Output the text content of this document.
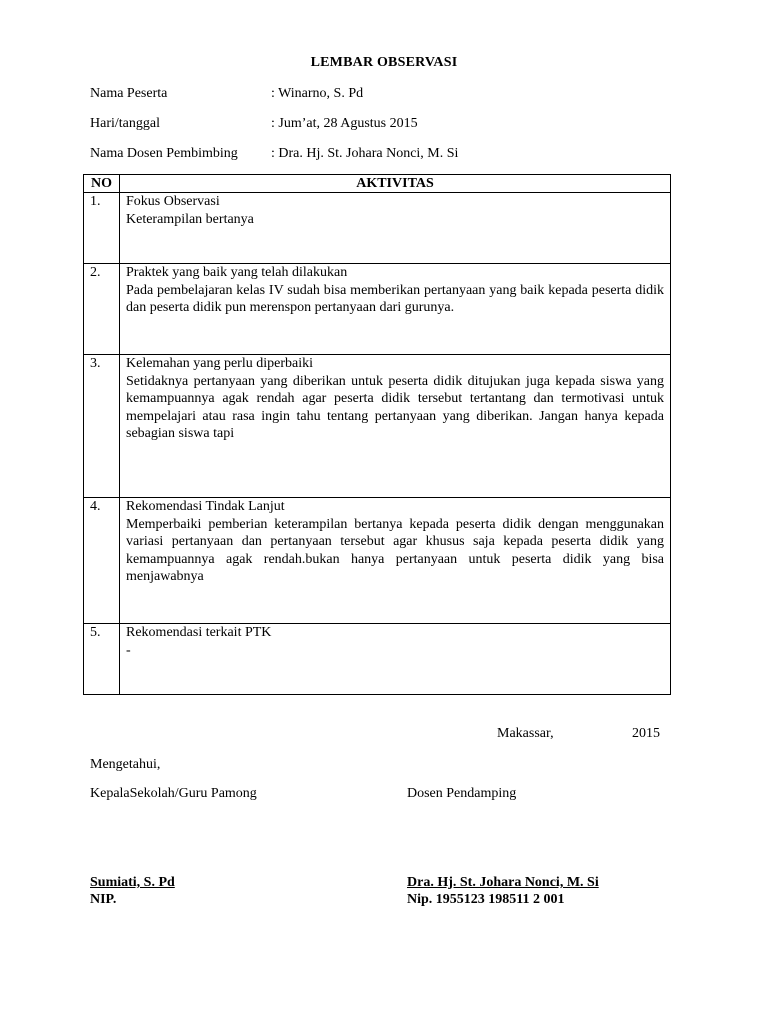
LEMBAR OBSERVASI
Nama Peserta	: Winarno, S. Pd
Hari/tanggal	: Jum’at, 28 Agustus 2015
Nama Dosen Pembimbing : Dra. Hj. St. Johara Nonci, M. Si
NO	AKTIVITAS
1.	Fokus Observasi
Keterampilan bertanya

2.	Praktek yang baik yang telah dilakukan
Pada pembelajaran kelas IV sudah bisa memberikan pertanyaan yang baik kepada peserta didik dan peserta didik pun merenspon pertanyaan dari gurunya.

3.	Kelemahan yang perlu diperbaiki
Setidaknya pertanyaan yang diberikan untuk peserta didik ditujukan juga kepada siswa yang kemampuannya agak rendah agar peserta didik tersebut tertantang dan termotivasi untuk mempelajari atau rasa ingin tahu tentang pertanyaan yang diberikan. Jangan hanya kepada sebagian siswa tapi

4.	Rekomendasi Tindak Lanjut
Memperbaiki pemberian keterampilan bertanya kepada peserta didik dengan menggunakan variasi pertanyaan dan pertanyaan tersebut agar khusus saja kepada peserta didik yang kemampuannya agak rendah.bukan hanya pertanyaan untuk peserta didik yang bisa menjawabnya

5.	Rekomendasi terkait PTK
-
Makassar,	2015
Mengetahui,
KepalaSekolah/Guru Pamong	Dosen Pendamping
Sumiati, S. Pd
NIP.
Dra. Hj. St. Johara Nonci, M. Si
Nip. 1955123 198511 2 001
